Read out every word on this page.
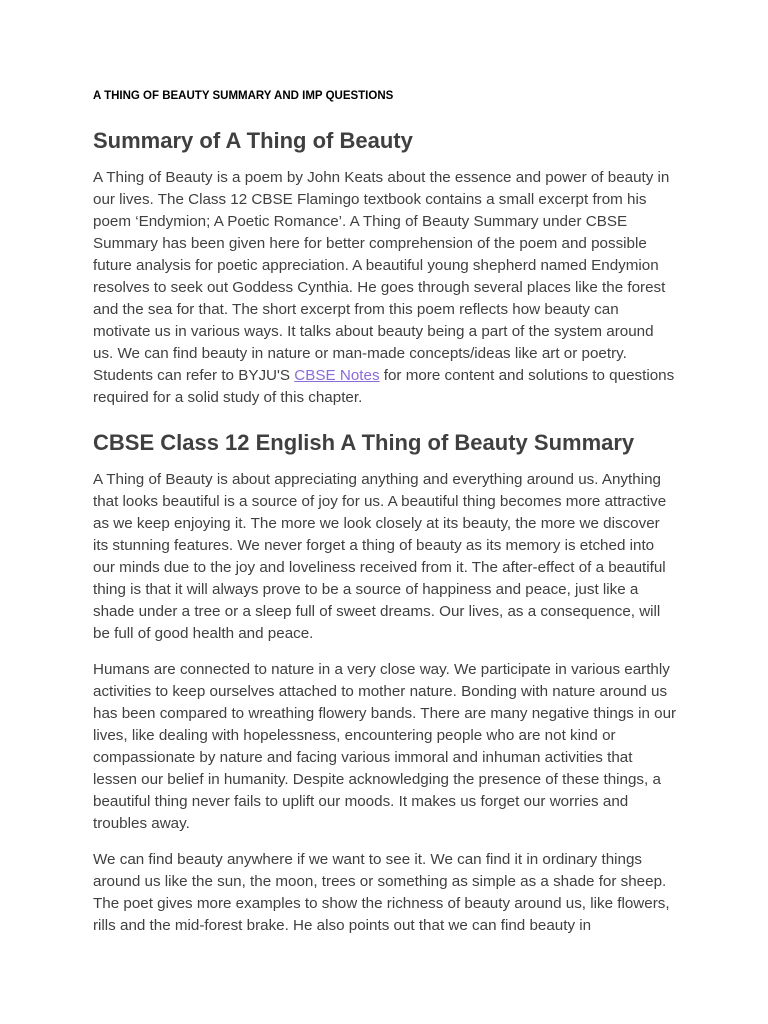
A THING OF BEAUTY SUMMARY AND IMP QUESTIONS
Summary of A Thing of Beauty

A Thing of Beauty is a poem by John Keats about the essence and power of beauty in our lives. The Class 12 CBSE Flamingo textbook contains a small excerpt from his poem ‘Endymion; A Poetic Romance’. A Thing of Beauty Summary under CBSE Summary has been given here for better comprehension of the poem and possible future analysis for poetic appreciation. A beautiful young shepherd named Endymion resolves to seek out Goddess Cynthia. He goes through several places like the forest and the sea for that. The short excerpt from this poem reflects how beauty can motivate us in various ways. It talks about beauty being a part of the system around us. We can find beauty in nature or man-made concepts/ideas like art or poetry. Students can refer to BYJU'S CBSE Notes for more content and solutions to questions required for a solid study of this chapter.

CBSE Class 12 English A Thing of Beauty Summary

A Thing of Beauty is about appreciating anything and everything around us. Anything that looks beautiful is a source of joy for us. A beautiful thing becomes more attractive as we keep enjoying it. The more we look closely at its beauty, the more we discover its stunning features. We never forget a thing of beauty as its memory is etched into our minds due to the joy and loveliness received from it. The after-effect of a beautiful thing is that it will always prove to be a source of happiness and peace, just like a shade under a tree or a sleep full of sweet dreams. Our lives, as a consequence, will be full of good health and peace.

Humans are connected to nature in a very close way. We participate in various earthly activities to keep ourselves attached to mother nature. Bonding with nature around us has been compared to wreathing flowery bands. There are many negative things in our lives, like dealing with hopelessness, encountering people who are not kind or compassionate by nature and facing various immoral and inhuman activities that lessen our belief in humanity. Despite acknowledging the presence of these things, a beautiful thing never fails to uplift our moods. It makes us forget our worries and troubles away.

We can find beauty anywhere if we want to see it. We can find it in ordinary things around us like the sun, the moon, trees or something as simple as a shade for sheep. The poet gives more examples to show the richness of beauty around us, like flowers, rills and the mid-forest brake. He also points out that we can find beauty in
